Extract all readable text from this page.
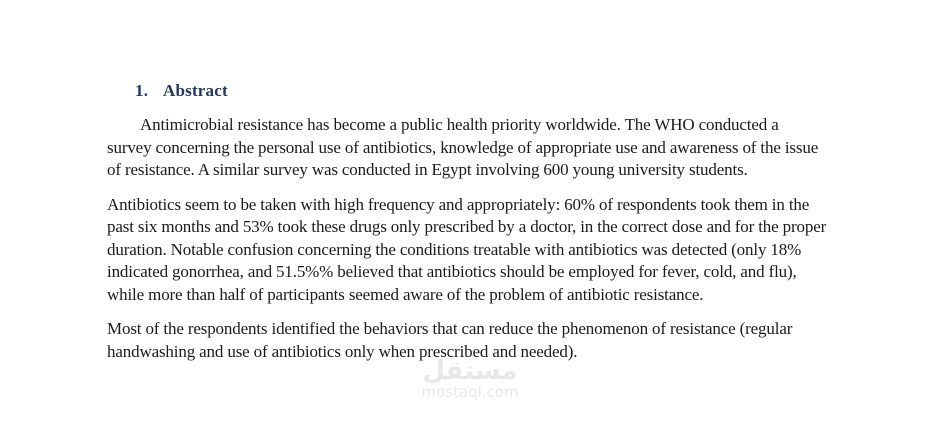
1. Abstract

Antimicrobial resistance has become a public health priority worldwide. The WHO conducted a survey concerning the personal use of antibiotics, knowledge of appropriate use and awareness of the issue of resistance. A similar survey was conducted in Egypt involving 600 young university students.

Antibiotics seem to be taken with high frequency and appropriately: 60% of respondents took them in the past six months and 53% took these drugs only prescribed by a doctor, in the correct dose and for the proper duration. Notable confusion concerning the conditions treatable with antibiotics was detected (only 18% indicated gonorrhea, and 51.5%% believed that antibiotics should be employed for fever, cold, and flu), while more than half of participants seemed aware of the problem of antibiotic resistance.

Most of the respondents identified the behaviors that can reduce the phenomenon of resistance (regular handwashing and use of antibiotics only when prescribed and needed).

مستقل
mostaql.com
